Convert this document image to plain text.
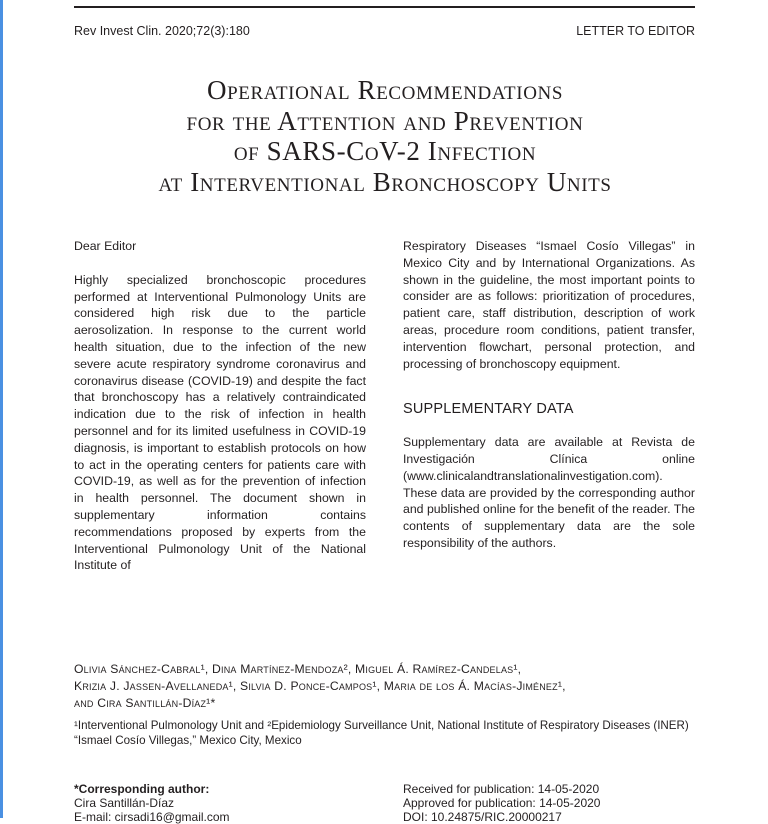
Rev Invest Clin. 2020;72(3):180	LETTER TO EDITOR
Operational Recommendations
for the Attention and Prevention
of SARS-CoV-2 Infection
at Interventional Bronchoscopy Units

Dear Editor

Highly specialized bronchoscopic procedures performed at Interventional Pulmonology Units are considered high risk due to the particle aerosolization. In response to the current world health situation, due to the infection of the new severe acute respiratory syndrome coronavirus and coronavirus disease (COVID-19) and despite the fact that bronchoscopy has a relatively contraindicated indication due to the risk of infection in health personnel and for its limited usefulness in COVID-19 diagnosis, is important to establish protocols on how to act in the operating centers for patients care with COVID-19, as well as for the prevention of infection in health personnel. The document shown in supplementary information contains recommendations proposed by experts from the Interventional Pulmonology Unit of the National Institute of

Respiratory Diseases “Ismael Cosío Villegas” in Mexico City and by International Organizations. As shown in the guideline, the most important points to consider are as follows: prioritization of procedures, patient care, staff distribution, description of work areas, procedure room conditions, patient transfer, intervention flowchart, personal protection, and processing of bronchoscopy equipment.

SUPPLEMENTARY DATA

Supplementary data are available at Revista de Investigación Clínica online (www.clinicalandtranslationalinvestigation.com). These data are provided by the corresponding author and published online for the benefit of the reader. The contents of supplementary data are the sole responsibility of the authors.

Olivia Sánchez-Cabral¹, Dina Martínez-Mendoza², Miguel Á. Ramírez-Candelas¹,
Krizia J. Jassen-Avellaneda¹, Silvia D. Ponce-Campos¹, Maria de los Á. Macías-Jiménez¹,
and Cira Santillán-Díaz¹*
¹Interventional Pulmonology Unit and ²Epidemiology Surveillance Unit, National Institute of Respiratory Diseases (INER)
“Ismael Cosío Villegas,” Mexico City, Mexico
*Corresponding author:
Cira Santillán-Díaz
E-mail: cirsadi16@gmail.com
Received for publication: 14-05-2020
Approved for publication: 14-05-2020
DOI: 10.24875/RIC.20000217
